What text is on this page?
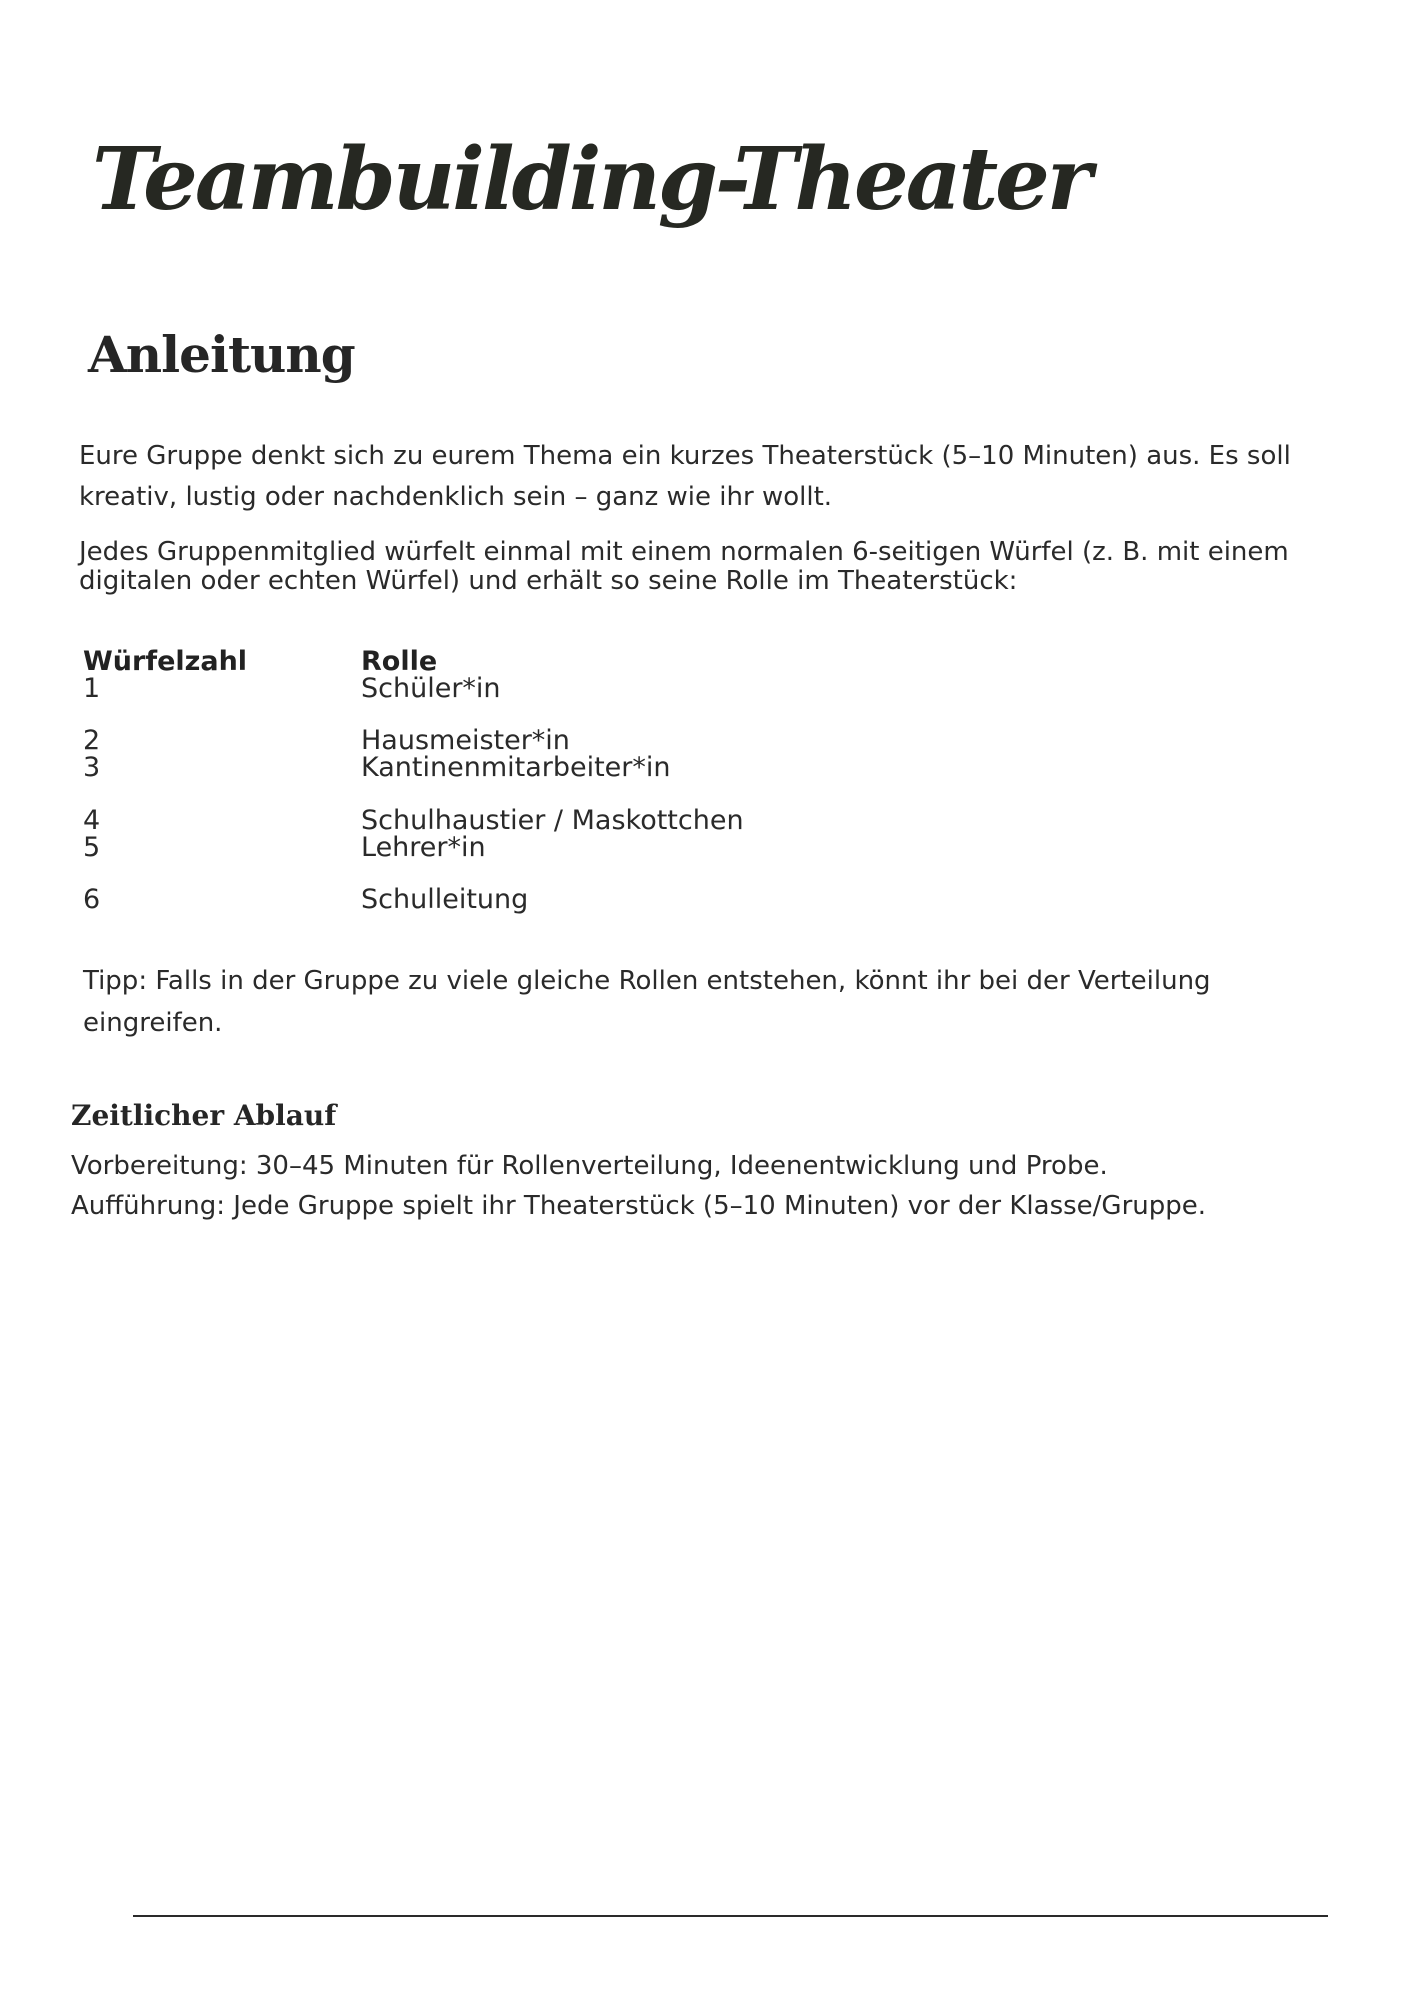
Teambuilding-Theater
Anleitung

Eure Gruppe denkt sich zu eurem Thema ein kurzes Theaterstück (5–10 Minuten) aus. Es soll kreativ, lustig oder nachdenklich sein – ganz wie ihr wollt.

Jedes Gruppenmitglied würfelt einmal mit einem normalen 6-seitigen Würfel (z. B. mit einem digitalen oder echten Würfel) und erhält so seine Rolle im Theaterstück:

Würfelzahl	Rolle
1	Schüler*in
2	Hausmeister*in
3	Kantinenmitarbeiter*in
4	Schulhaustier / Maskottchen
5	Lehrer*in
6	Schulleitung

Tipp: Falls in der Gruppe zu viele gleiche Rollen entstehen, könnt ihr bei der Verteilung eingreifen.

Zeitlicher Ablauf
Vorbereitung: 30–45 Minuten für Rollenverteilung, Ideenentwicklung und Probe.
Aufführung: Jede Gruppe spielt ihr Theaterstück (5–10 Minuten) vor der Klasse/Gruppe.
